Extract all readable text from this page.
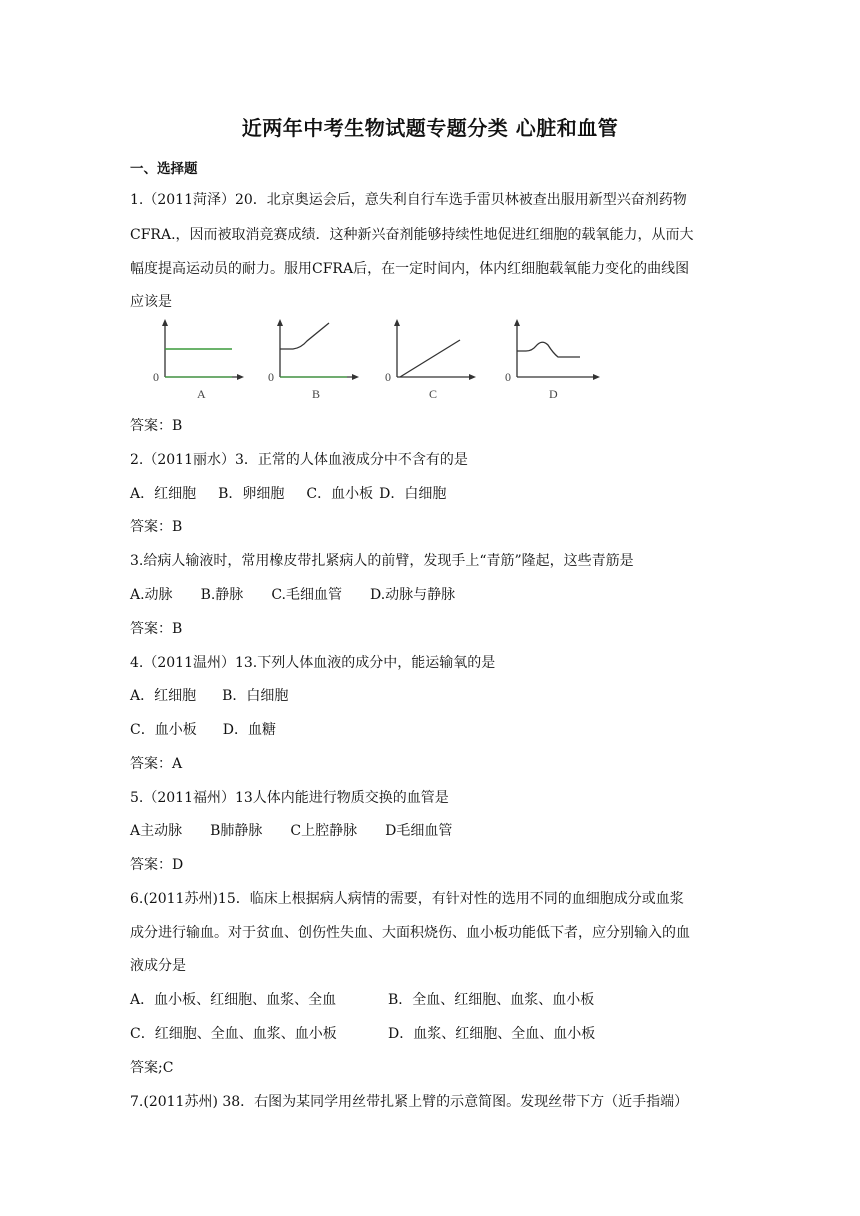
近两年中考生物试题专题分类 心脏和血管
一、选择题
1.（2011菏泽）20．北京奥运会后，意失利自行车选手雷贝林被查出服用新型兴奋剂药物
CFRA.，因而被取消竞赛成绩．这种新兴奋剂能够持续性地促进红细胞的载氧能力，从而大
幅度提高运动员的耐力。服用CFRA后，在一定时间内，体内红细胞载氧能力变化的曲线图
应该是
0
A
0
B
0
C
0
D
答案：B
2.（2011丽水）3．正常的人体血液成分中不含有的是
A．红细胞 B．卵细胞 C．血小板 D．白细胞
答案：B
3.给病人输液时，常用橡皮带扎紧病人的前臂，发现手上“青筋”隆起，这些青筋是
A.动脉 B.静脉 C.毛细血管 D.动脉与静脉
答案：B
4.（2011温州）13.下列人体血液的成分中，能运输氧的是
A．红细胞 B．白细胞
C．血小板 D．血糖
答案：A
5.（2011福州）13人体内能进行物质交换的血管是
A主动脉 B肺静脉 C上腔静脉 D毛细血管
答案：D
6.(2011苏州)15．临床上根据病人病情的需要，有针对性的选用不同的血细胞成分或血浆
成分进行输血。对于贫血、创伤性失血、大面积烧伤、血小板功能低下者，应分别输入的血
液成分是
A．血小板、红细胞、血浆、全血	B．全血、红细胞、血浆、血小板
C．红细胞、全血、血浆、血小板	D．血浆、红细胞、全血、血小板
答案;C
7.(2011苏州) 38．右图为某同学用丝带扎紧上臂的示意简图。发现丝带下方（近手指端）
